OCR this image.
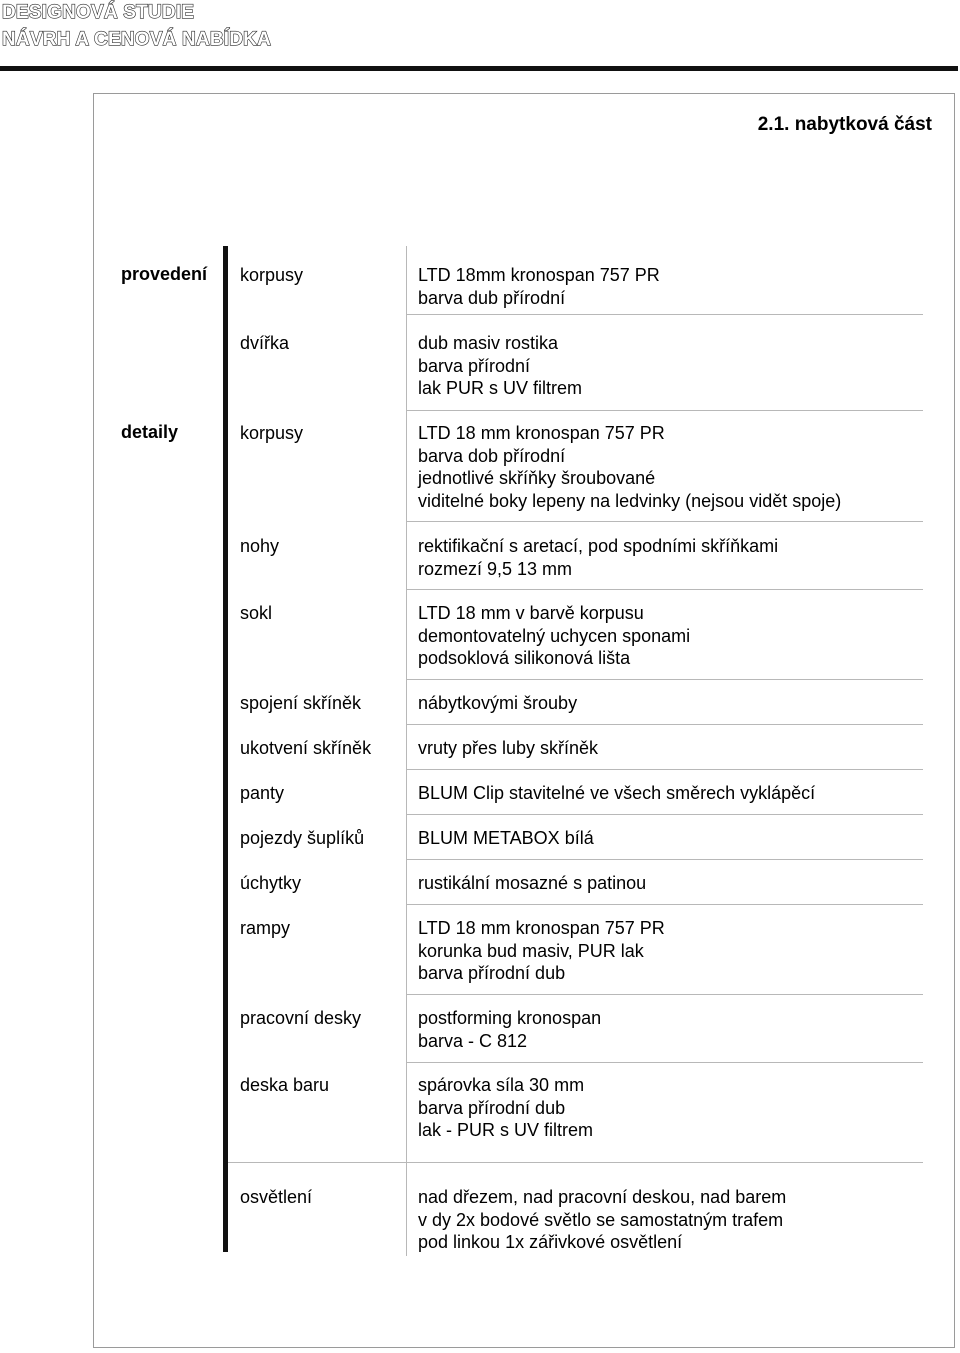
DESIGNOVÁ STUDIE
NÁVRH A CENOVÁ NABÍDKA
2.1. nabytková část
provedení
detaily
korpusy	LTD 18mm kronospan 757 PR
barva dub přírodní
dvířka	dub masiv rostika
barva přírodní
lak PUR s UV filtrem
korpusy	LTD 18 mm kronospan 757 PR
barva dob přírodní
jednotlivé skříňky šroubované
viditelné boky lepeny na ledvinky (nejsou vidět spoje)
nohy	rektifikační s aretací, pod spodními skříňkami
rozmezí 9,5 13 mm
sokl	LTD 18 mm v barvě korpusu
demontovatelný uchycen sponami
podsoklová silikonová lišta
spojení skříněk	nábytkovými šrouby
ukotvení skříněk	vruty přes luby skříněk
panty	BLUM Clip stavitelné ve všech směrech vyklápěcí
pojezdy šuplíků	BLUM METABOX bílá
úchytky	rustikální mosazné s patinou
rampy	LTD 18 mm kronospan 757 PR
korunka bud masiv, PUR lak
barva přírodní dub
pracovní desky	postforming kronospan
barva - C 812
deska baru	spárovka síla 30 mm
barva přírodní dub
lak - PUR s UV filtrem
osvětlení	nad dřezem, nad pracovní deskou, nad barem
v dy 2x bodové světlo se samostatným trafem
pod linkou 1x zářivkové osvětlení
